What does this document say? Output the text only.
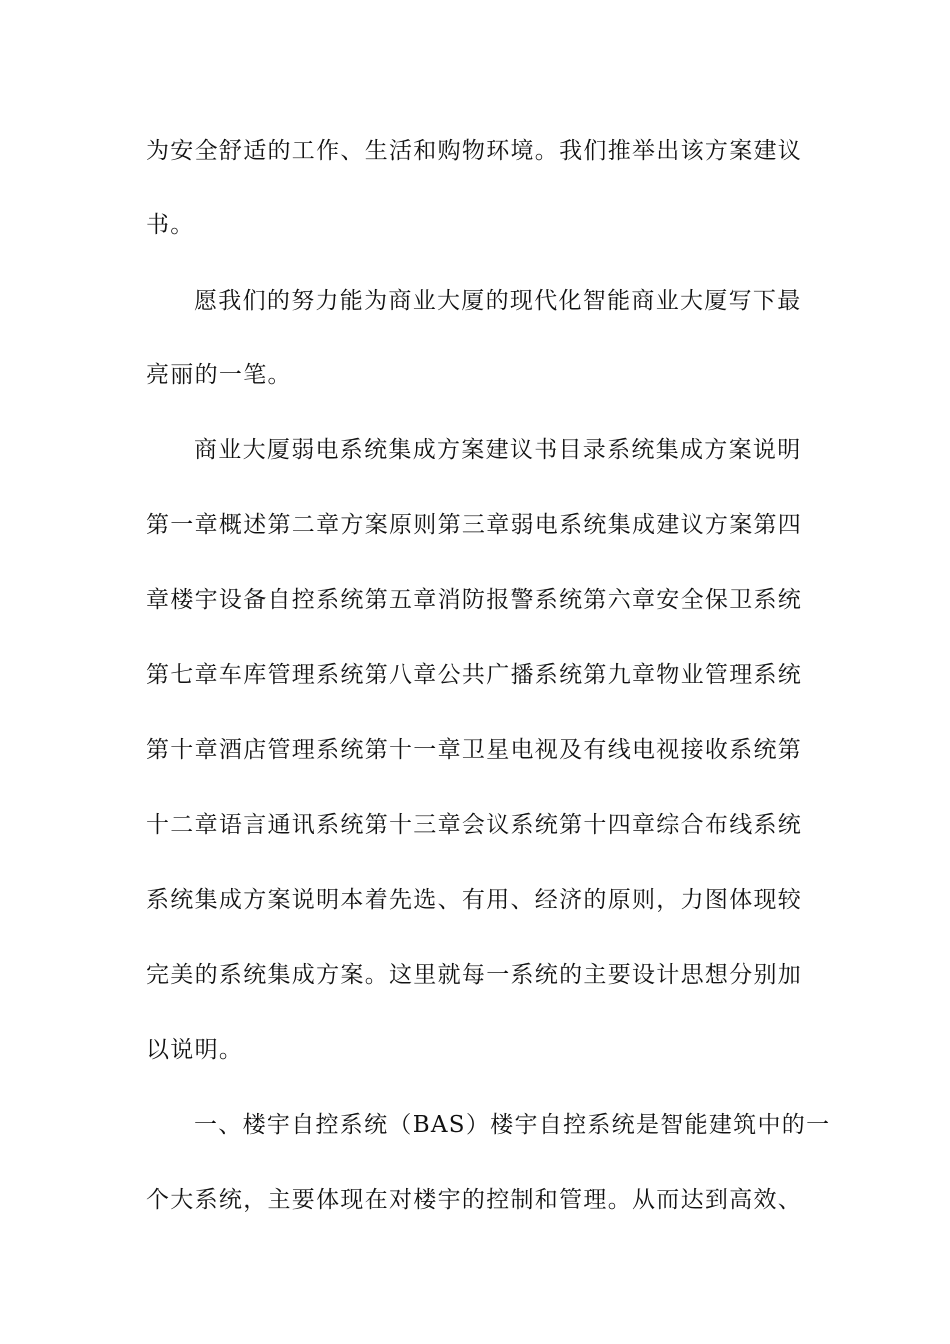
为安全舒适的工作、生活和购物环境。我们推举出该方案建议
书。
愿我们的努力能为商业大厦的现代化智能商业大厦写下最
亮丽的一笔。
商业大厦弱电系统集成方案建议书目录系统集成方案说明
第一章概述第二章方案原则第三章弱电系统集成建议方案第四
章楼宇设备自控系统第五章消防报警系统第六章安全保卫系统
第七章车库管理系统第八章公共广播系统第九章物业管理系统
第十章酒店管理系统第十一章卫星电视及有线电视接收系统第
十二章语言通讯系统第十三章会议系统第十四章综合布线系统
系统集成方案说明本着先选、有用、经济的原则，力图体现较
完美的系统集成方案。这里就每一系统的主要设计思想分别加
以说明。
一、楼宇自控系统（BAS）楼宇自控系统是智能建筑中的一
个大系统，主要体现在对楼宇的控制和管理。从而达到高效、
